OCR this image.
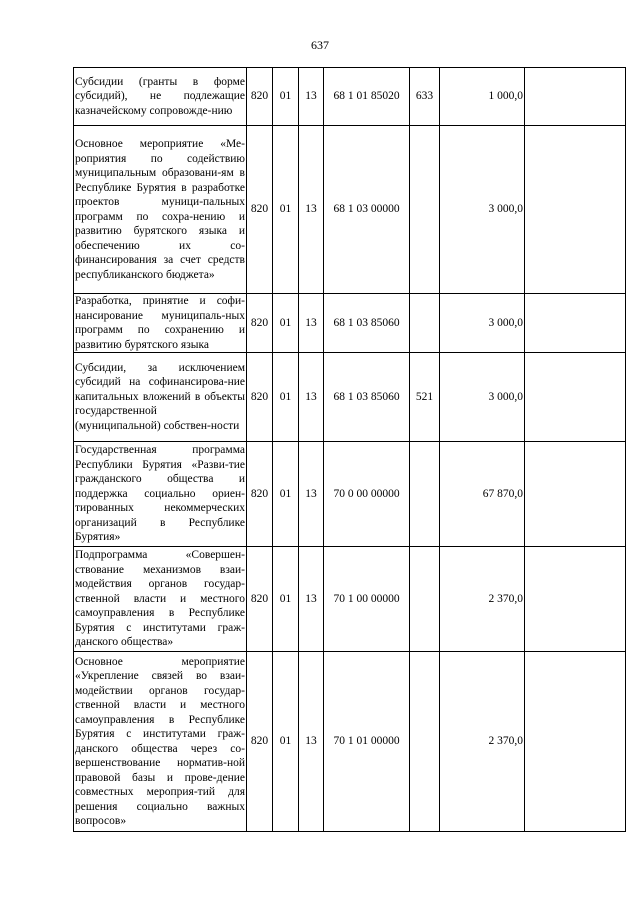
637
Субсидии (гранты в форме субсидий), не подлежащие казначейскому сопровожде-нию	820	01	13	68 1 01 85020	633	1 000,0	
Основное мероприятие «Ме-роприятия по содействию муниципальным образовани-ям в Республике Бурятия в разработке проектов муници-пальных программ по сохра-нению и развитию бурятского языка и обеспечению их со-финансирования за счет средств республиканского бюджета»	820	01	13	68 1 03 00000		3 000,0	
Разработка, принятие и софи-нансирование муниципаль-ных программ по сохранению и развитию бурятского языка	820	01	13	68 1 03 85060		3 000,0	
Субсидии, за исключением субсидий на софинансирова-ние капитальных вложений в объекты государственной (муниципальной) собствен-ности	820	01	13	68 1 03 85060	521	3 000,0	
Государственная программа Республики Бурятия «Разви-тие гражданского общества и поддержка социально ориен-тированных некоммерческих организаций в Республике Бурятия»	820	01	13	70 0 00 00000		67 870,0	
Подпрограмма «Совершен-ствование механизмов взаи-модействия органов государ-ственной власти и местного самоуправления в Республике Бурятия с институтами граж-данского общества»	820	01	13	70 1 00 00000		2 370,0	
Основное мероприятие «Укрепление связей во взаи-модействии органов государ-ственной власти и местного самоуправления в Республике Бурятия с институтами граж-данского общества через со-вершенствование норматив-ной правовой базы и прове-дение совместных мероприя-тий для решения социально важных вопросов»	820	01	13	70 1 01 00000		2 370,0	
